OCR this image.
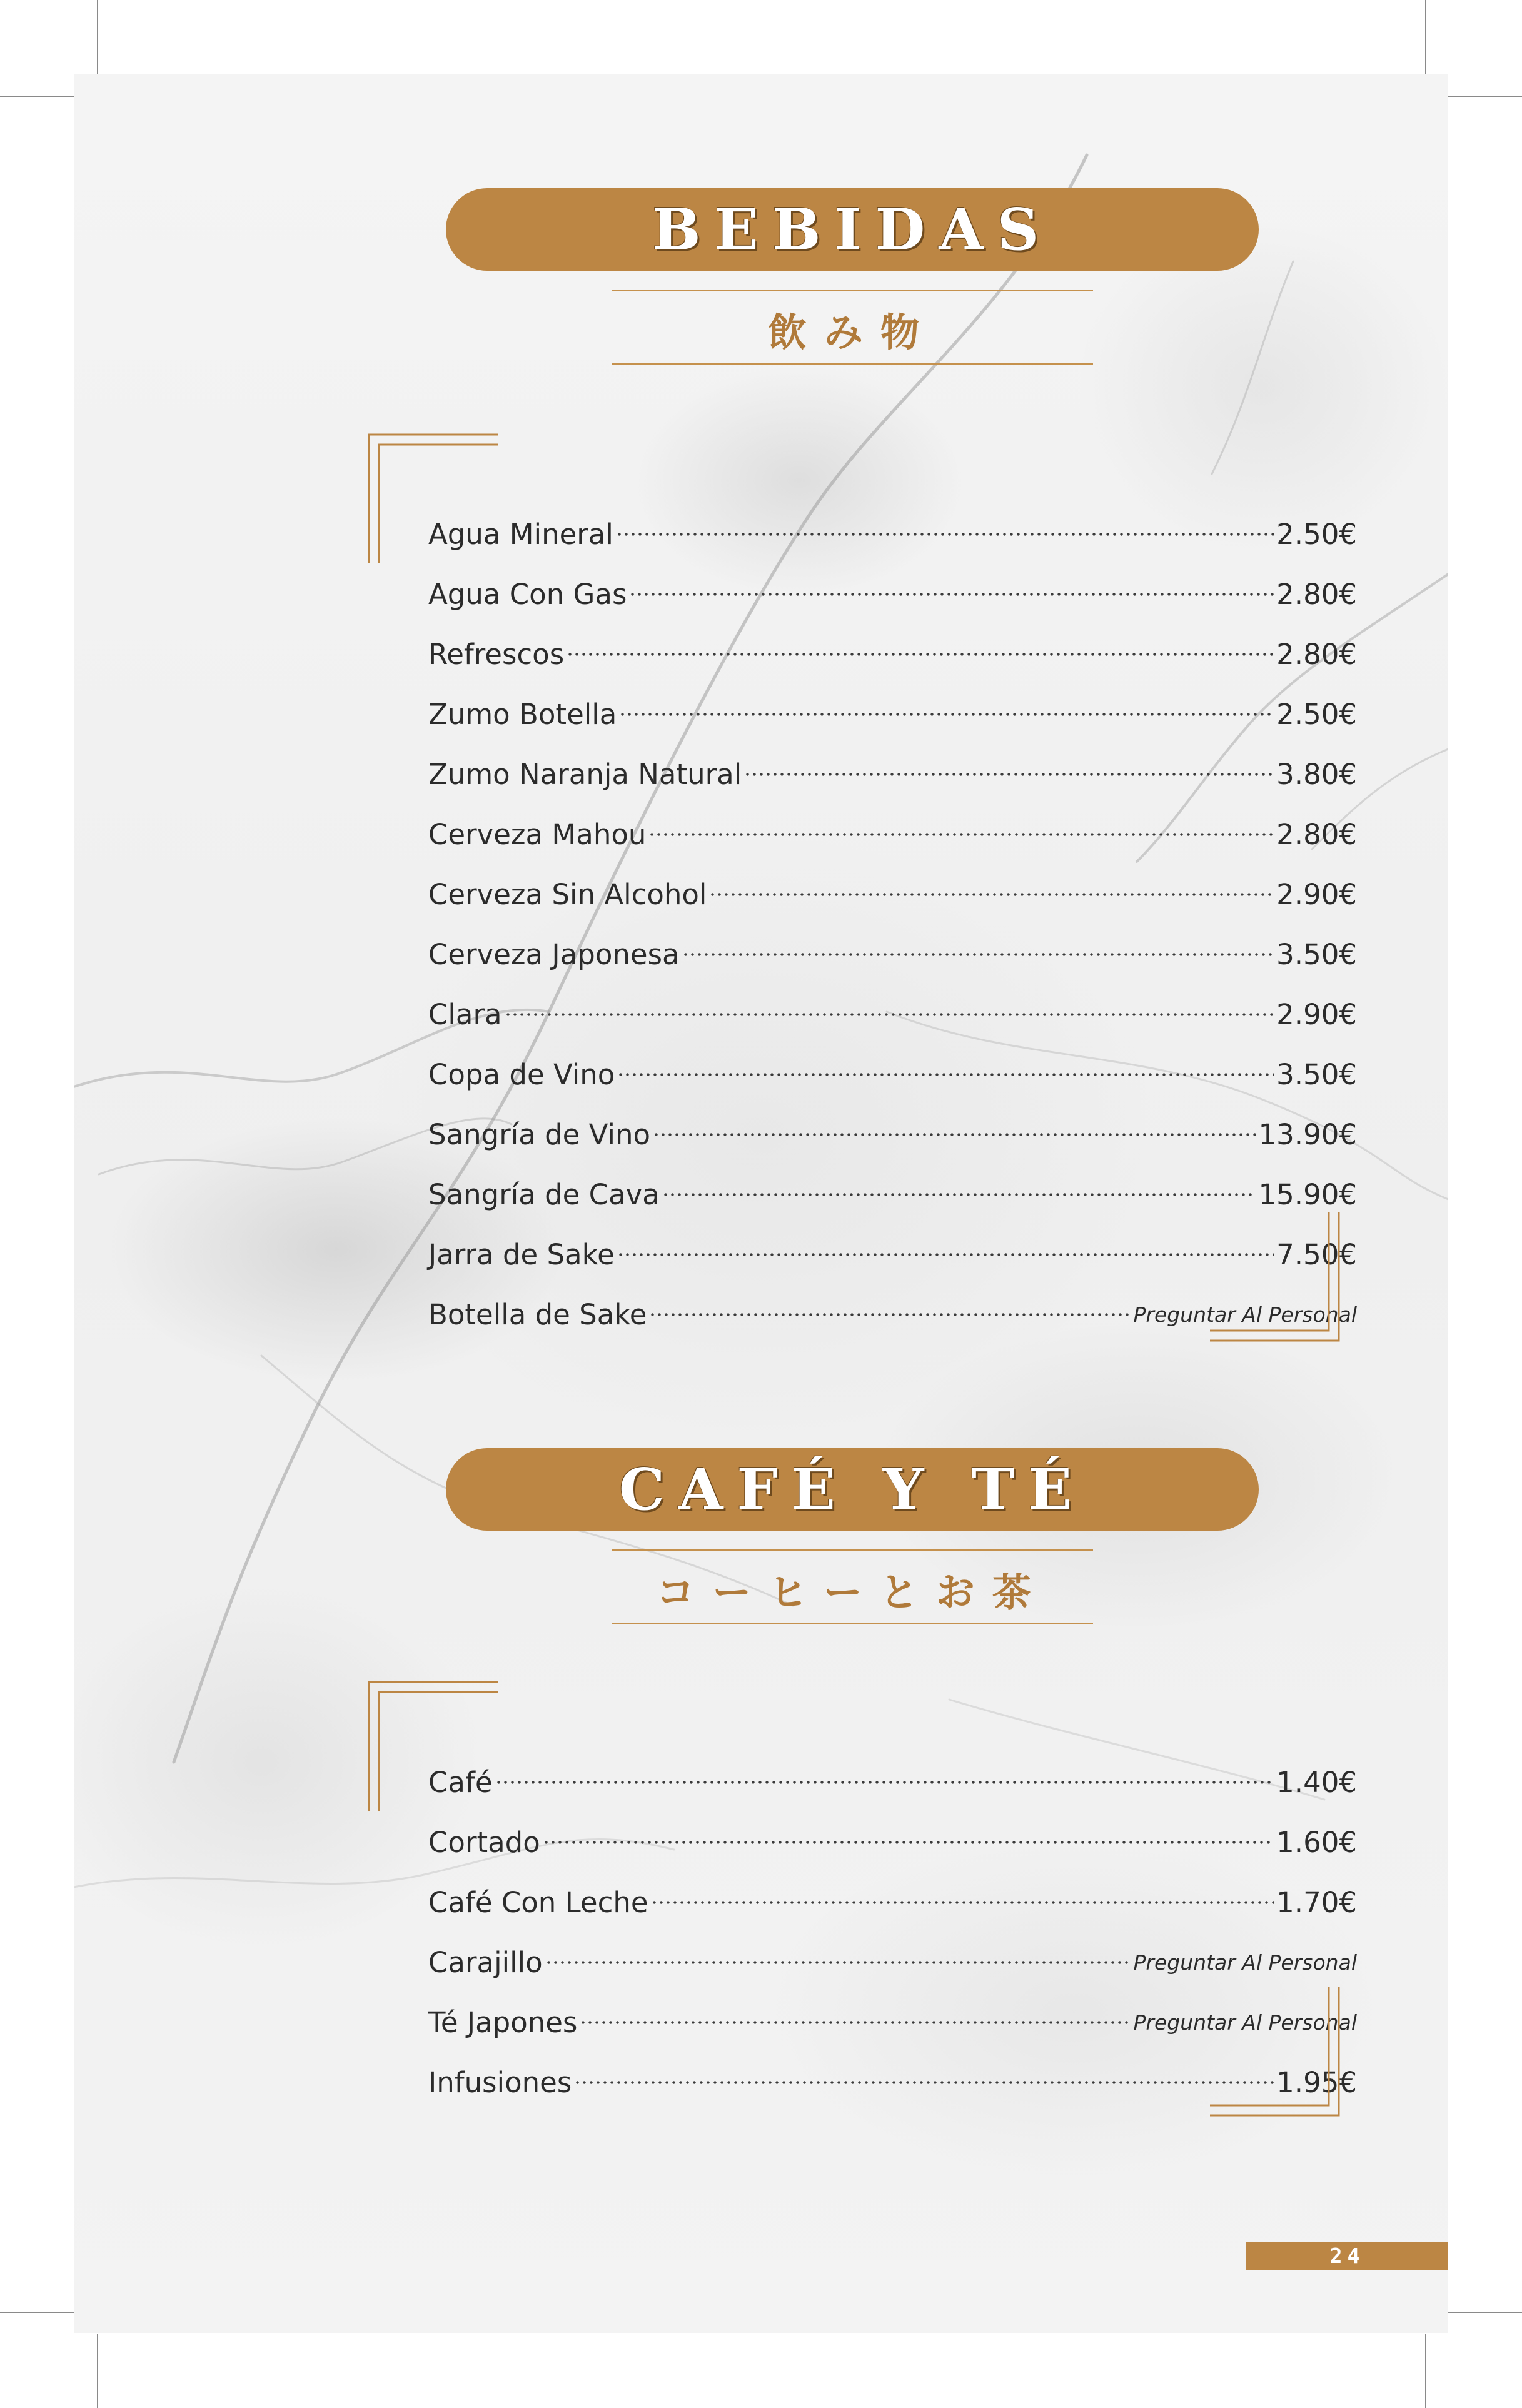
BEBIDAS
飲み物
Agua Mineral	2.50€
Agua Con Gas	2.80€
Refrescos	2.80€
Zumo Botella	2.50€
Zumo Naranja Natural	3.80€
Cerveza Mahou	2.80€
Cerveza Sin Alcohol	2.90€
Cerveza Japonesa	3.50€
Clara	2.90€
Copa de Vino	3.50€
Sangría de Vino	13.90€
Sangría de Cava	15.90€
Jarra de Sake	7.50€
Botella de Sake	Preguntar Al Personal
CAFÉ Y TÉ
コーヒーとお茶
Café	1.40€
Cortado	1.60€
Café Con Leche	1.70€
Carajillo	Preguntar Al Personal
Té Japones	Preguntar Al Personal
Infusiones	1.95€
24
